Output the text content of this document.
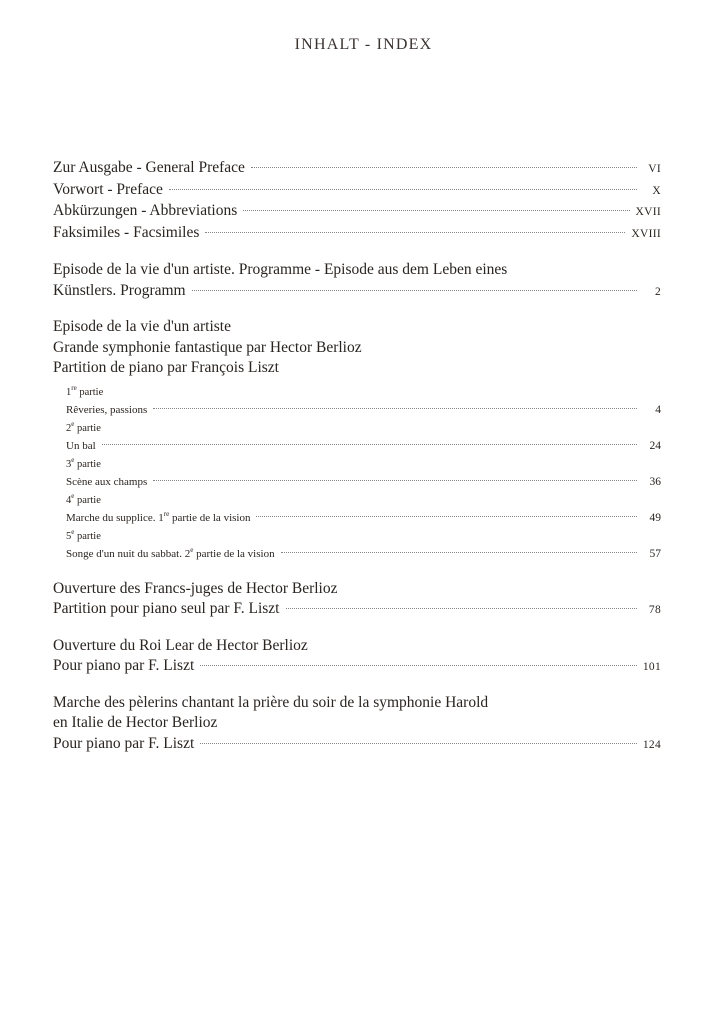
INHALT - INDEX
Zur Ausgabe - General Preface	VI
Vorwort - Preface	X
Abkürzungen - Abbreviations	XVII
Faksimiles - Facsimiles	XVIII
Episode de la vie d'un artiste. Programme - Episode aus dem Leben eines
Künstlers. Programm	2
Episode de la vie d'un artiste
Grande symphonie fantastique par Hector Berlioz
Partition de piano par François Liszt
1re partie
Rêveries, passions	4
2e partie
Un bal	24
3e partie
Scène aux champs	36
4e partie
Marche du supplice. 1re partie de la vision	49
5e partie
Songe d'un nuit du sabbat. 2e partie de la vision	57
Ouverture des Francs-juges de Hector Berlioz
Partition pour piano seul par F. Liszt	78
Ouverture du Roi Lear de Hector Berlioz
Pour piano par F. Liszt	101
Marche des pèlerins chantant la prière du soir de la symphonie Harold
en Italie de Hector Berlioz
Pour piano par F. Liszt	124
